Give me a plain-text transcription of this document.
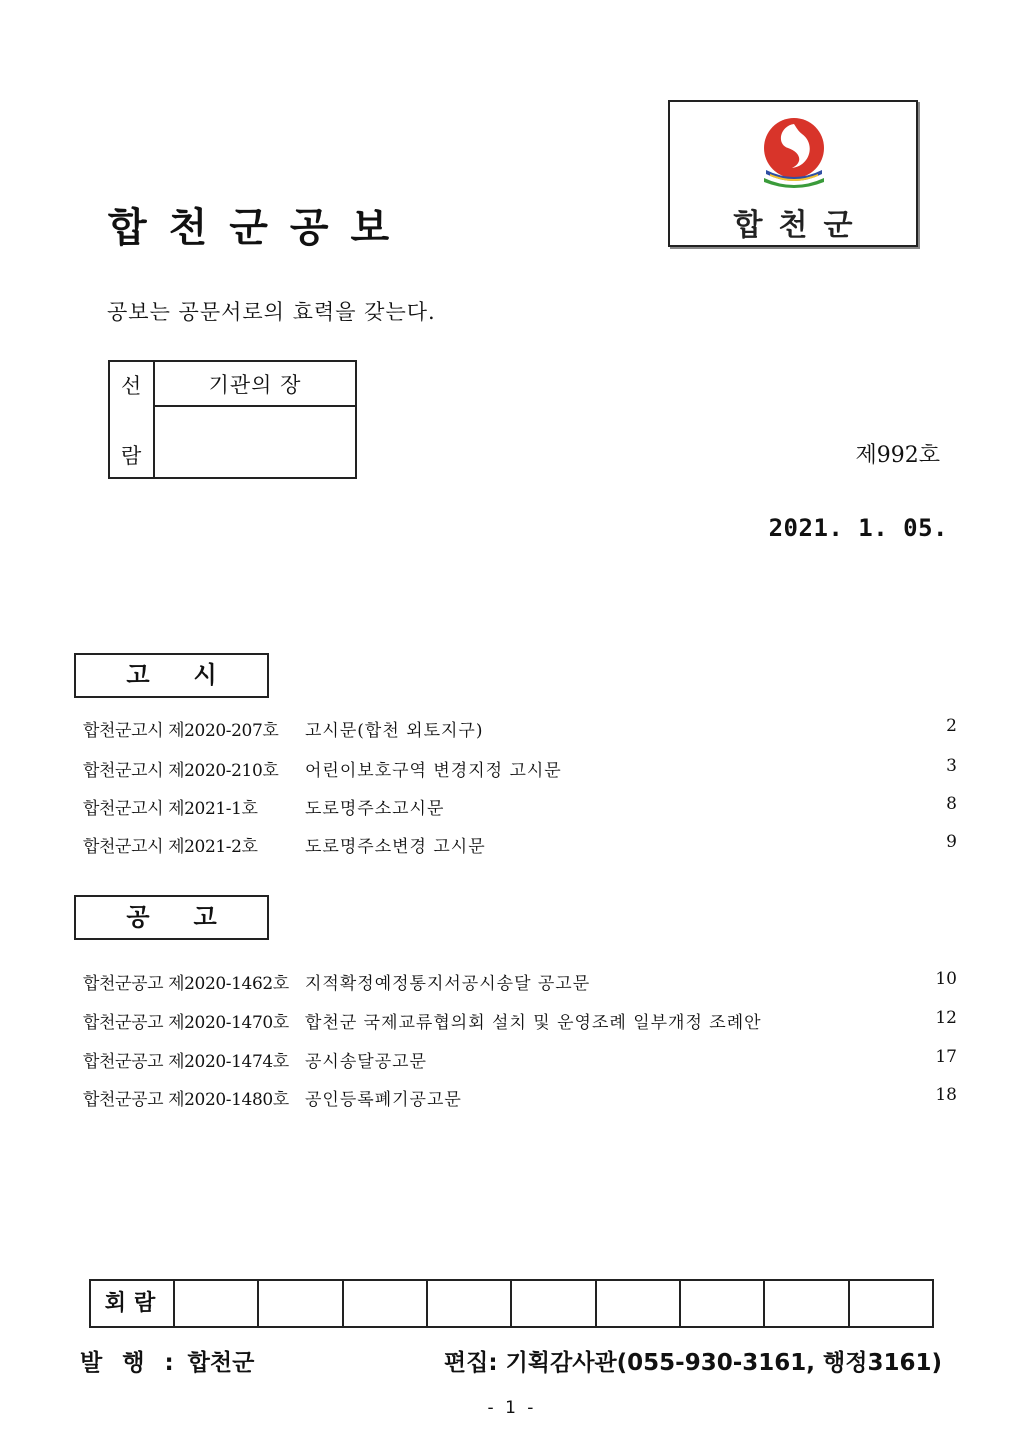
합천군공보	합천군
공보는 공문서로의 효력을 갖는다.
선
람
기관의 장
제992호
2021. 1. 05.
고시
합천군고시 제2020-207호 고시문(합천 외토지구)	2
합천군고시 제2020-210호 어린이보호구역 변경지정 고시문	3
합천군고시 제2021-1호	도로명주소고시문	8
합천군고시 제2021-2호	도로명주소변경 고시문	9
공고
합천군공고 제2020-1462호 지적확정예정통지서공시송달 공고문	10
합천군공고 제2020-1470호 합천군 국제교류협의회 설치 및 운영조례 일부개정 조례안	12
합천군공고 제2020-1474호 공시송달공고문	17
합천군공고 제2020-1480호 공인등록폐기공고문	18
회람
발 행 : 합천군	편집: 기획감사관(055-930-3161, 행정3161)
- 1 -
